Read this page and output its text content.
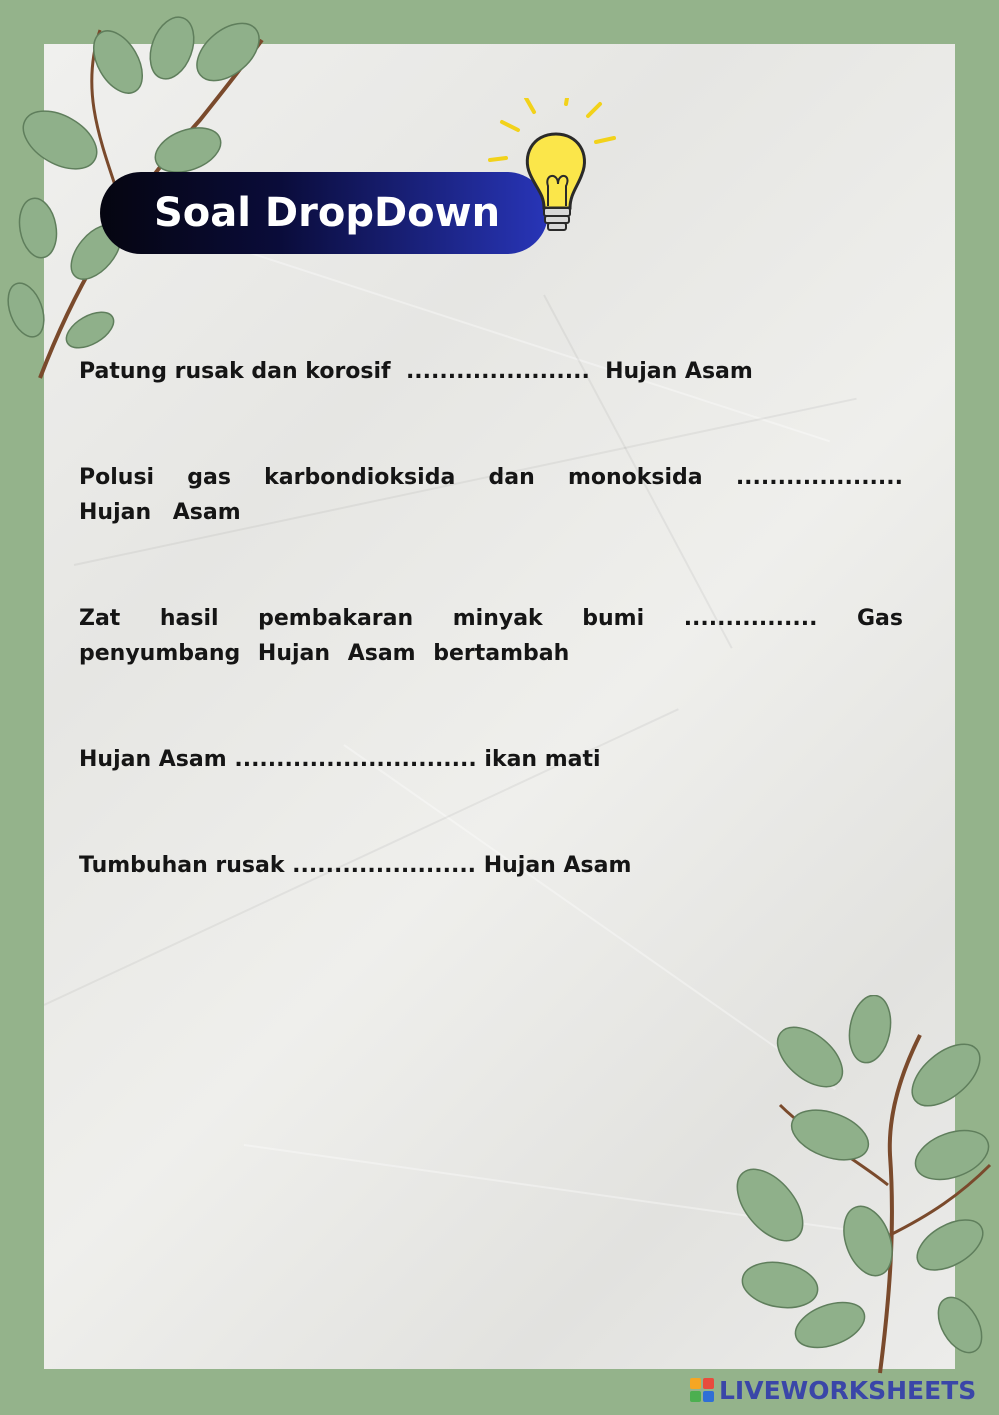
Soal DropDown
Patung rusak dan korosif ...................... Hujan Asam
Polusi gas karbondioksida dan monoksida .................... Hujan Asam
Zat hasil pembakaran minyak bumi ................ Gas penyumbang Hujan Asam bertambah
Hujan Asam ............................. ikan mati
Tumbuhan rusak ...................... Hujan Asam
LIVEWORKSHEETS
